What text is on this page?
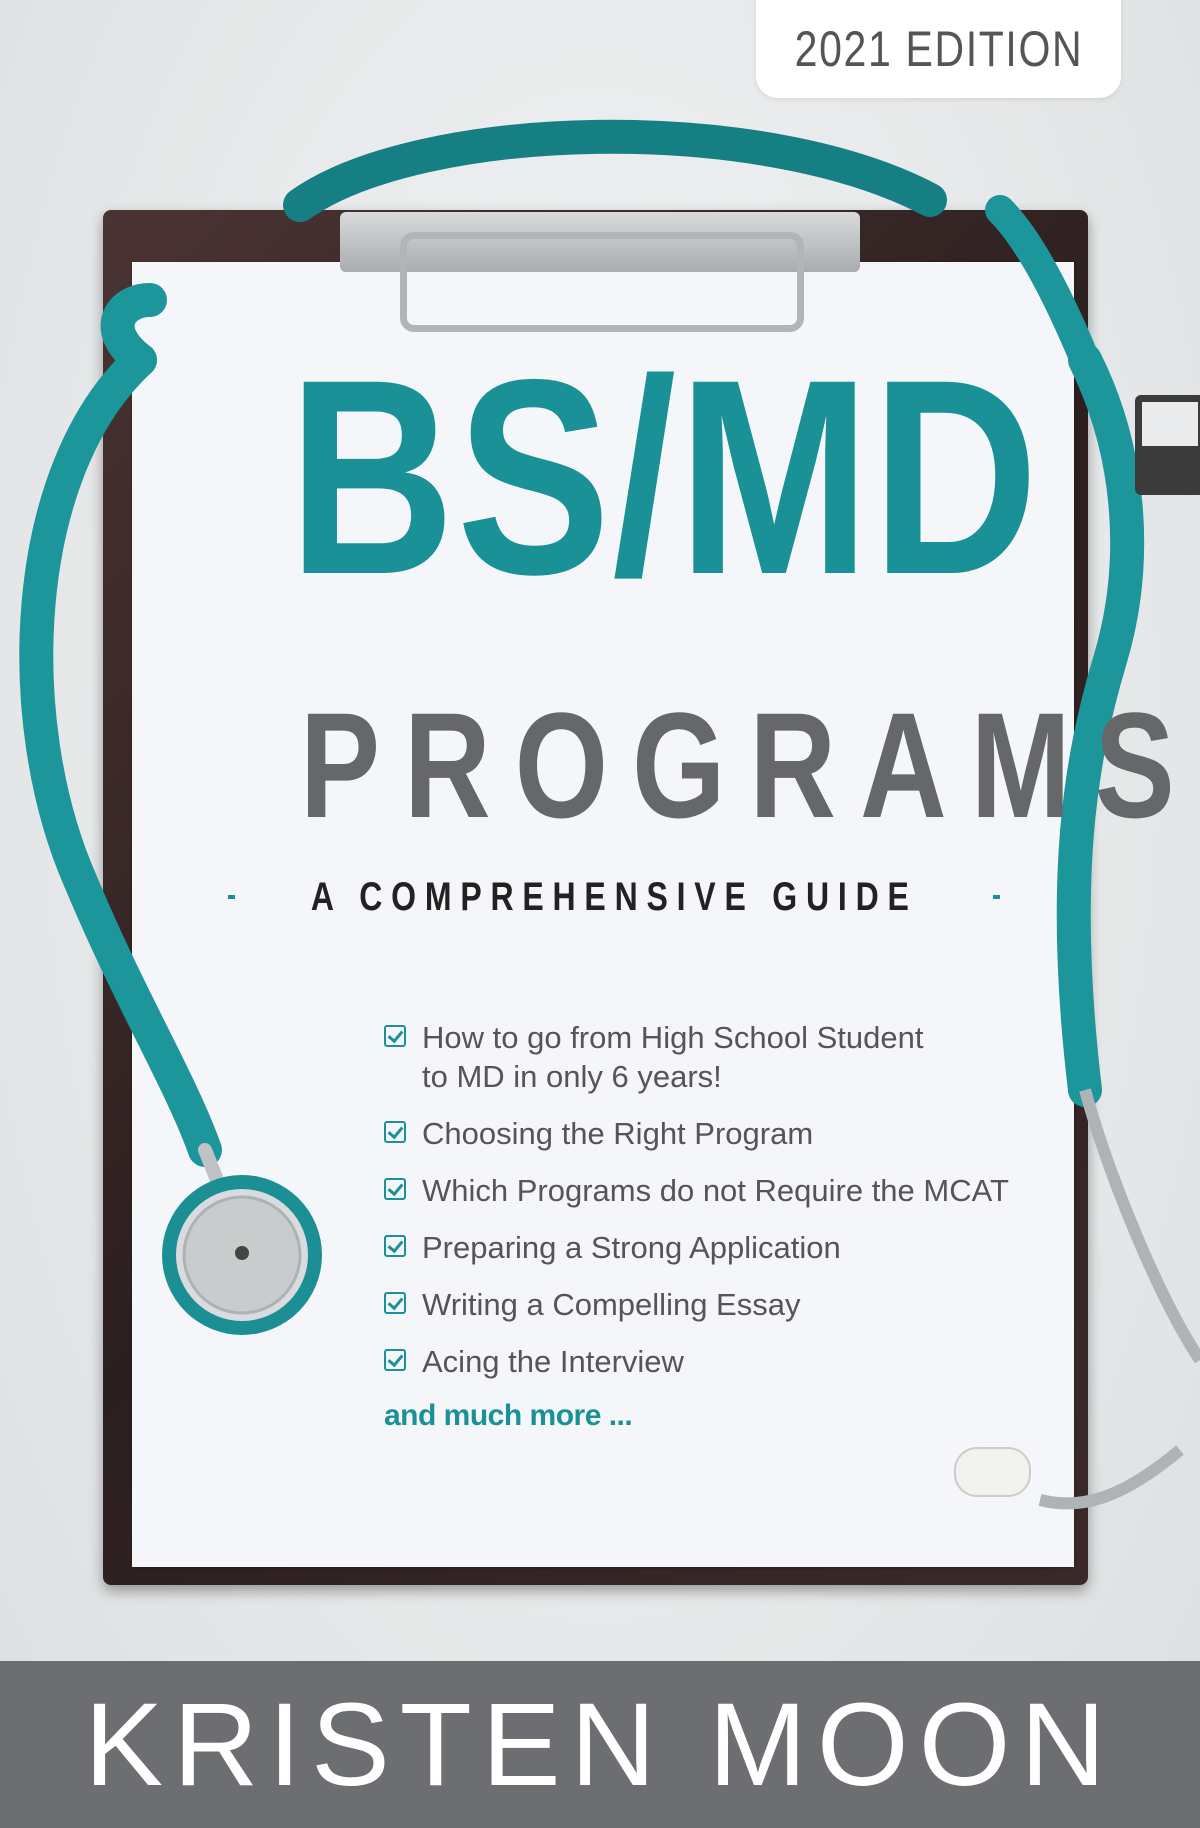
2021 EDITION
BS/MD
PROGRAMS
A COMPREHENSIVE GUIDE
How to go from High School Student to MD in only 6 years!
Choosing the Right Program
Which Programs do not Require the MCAT
Preparing a Strong Application
Writing a Compelling Essay
Acing the Interview
and much more ...
KRISTEN MOON
